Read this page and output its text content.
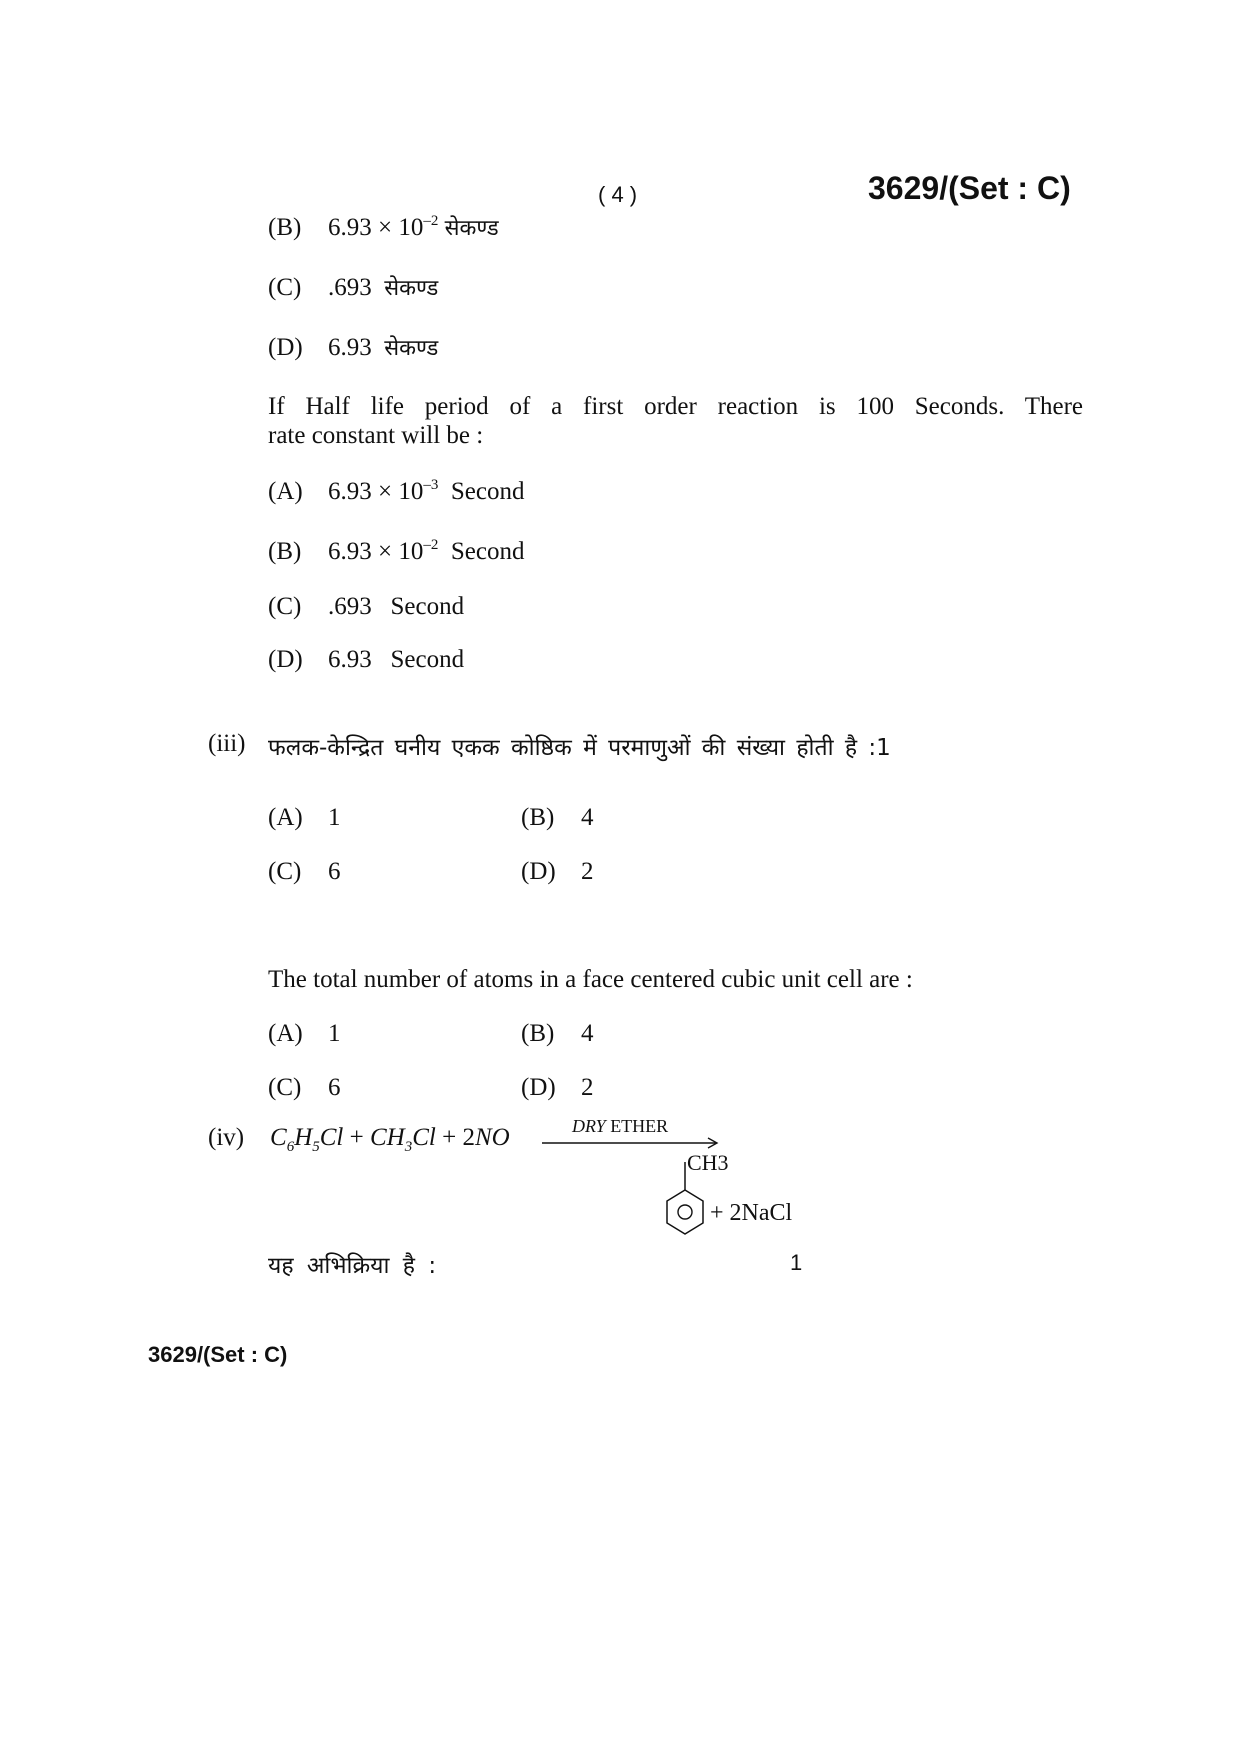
( 4 )	3629/(Set : C)
(B) $6.93 \times 10^{-2}$ सेकण्ड
(C) .693 सेकण्ड
(D) 6.93 सेकण्ड
If Half life period of a first order reaction is 100 Seconds. There
rate constant will be :
(A) $6.93 \times 10^{-3}$ Second
(B) $6.93 \times 10^{-2}$ Second
(C) .693 Second
(D) 6.93 Second
(iii) फलक-केन्द्रित घनीय एकक कोष्ठिक में परमाणुओं की संख्या होती है :1
(A) 1	(B) 4
(C) 6	(D) 2
The total number of atoms in a face centered cubic unit cell are :
(A) 1	(B) 4
(C) 6	(D) 2
(iv) $C_6H_5Cl + CH_3Cl + 2NO$	DRY ETHER
CH3
+ 2NaCl
यह अभिक्रिया है :	1
3629/(Set : C)
